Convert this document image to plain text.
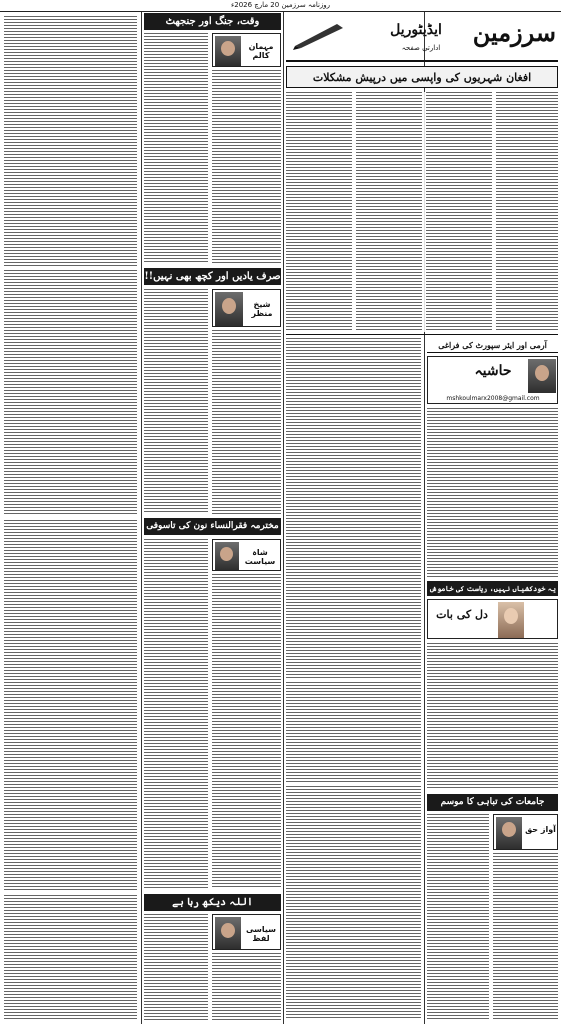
روزنامہ سرزمین 20 مارچ 2026ء
وقت، جنگ اور جنجھٹ
مہمان کالم
صرف یادیں اور کچھ بھی نہیں!!
شیخ منظر
مخترمہ فقرالنساء نون کی تاسوفی
شاہ سیاست
اللہ دیکھ رہا ہے
سیاسی لفظ
سرزمین
ایڈیٹوریل
ادارتی صفحہ
افغان شہریوں کی واپسی میں درپیش مشکلات
آرمی اور ایئر سپورٹ کی فراغی
حاشیہ
mshkoulmarx2008@gmail.com
یہ خودکشیاں نہیں، ریاست کی خاموش
دل کی بات
جامعات کی تباہی کا موسم
آواز حق
